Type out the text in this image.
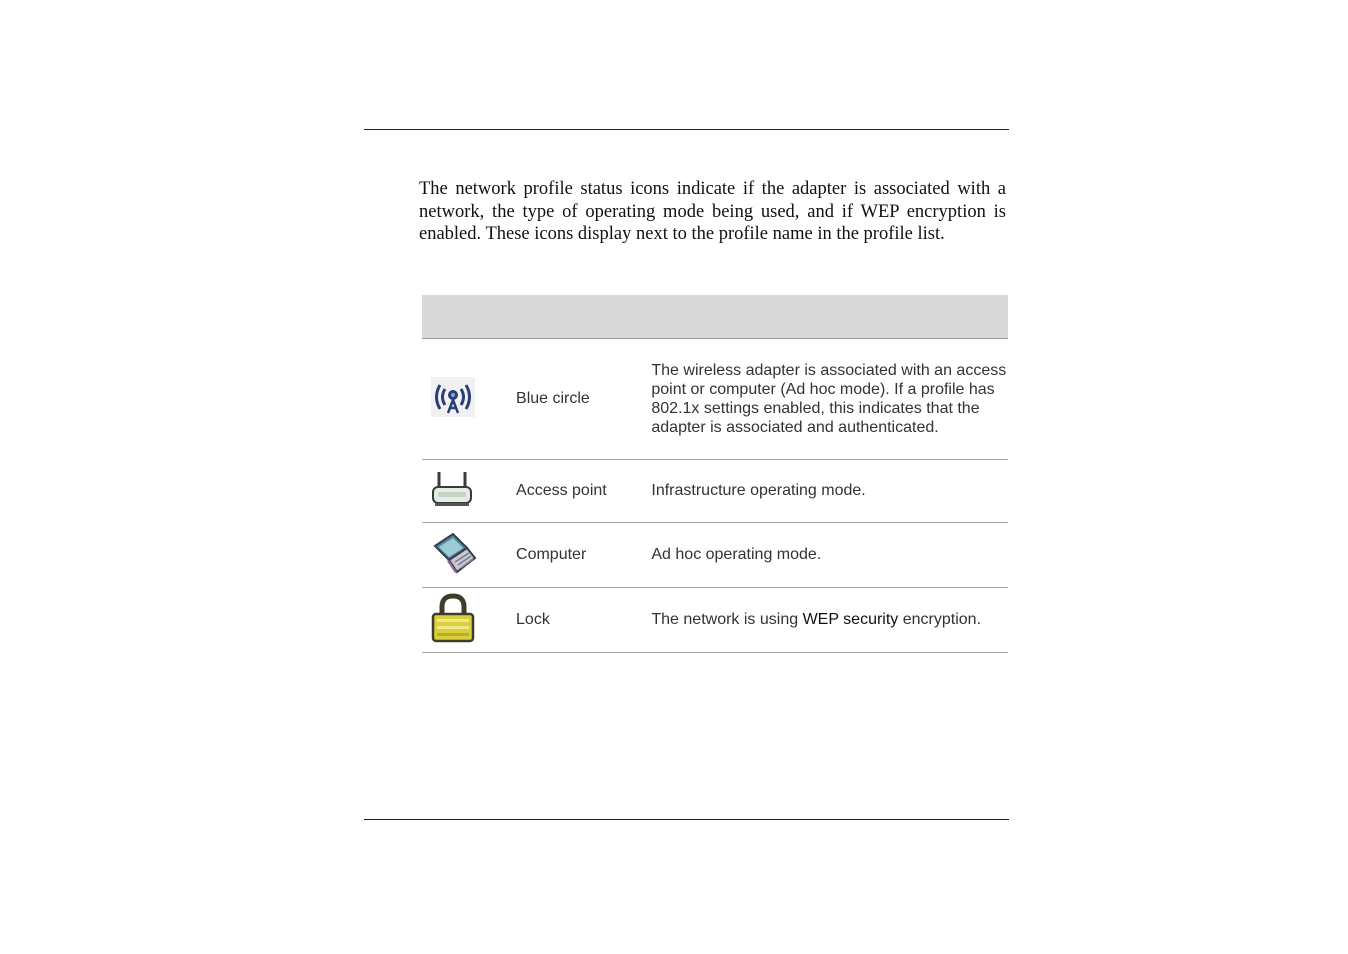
The network profile status icons indicate if the adapter is associated with a network, the type of operating mode being used, and if WEP encryption is enabled. These icons display next to the profile name in the profile list.

	Blue circle	The wireless adapter is associated with an access point or computer (Ad hoc mode). If a profile has 802.1x settings enabled, this indicates that the adapter is associated and authenticated.

	Access point	Infrastructure operating mode.

	Computer	Ad hoc operating mode.

	Lock	The network is using WEP security encryption.
